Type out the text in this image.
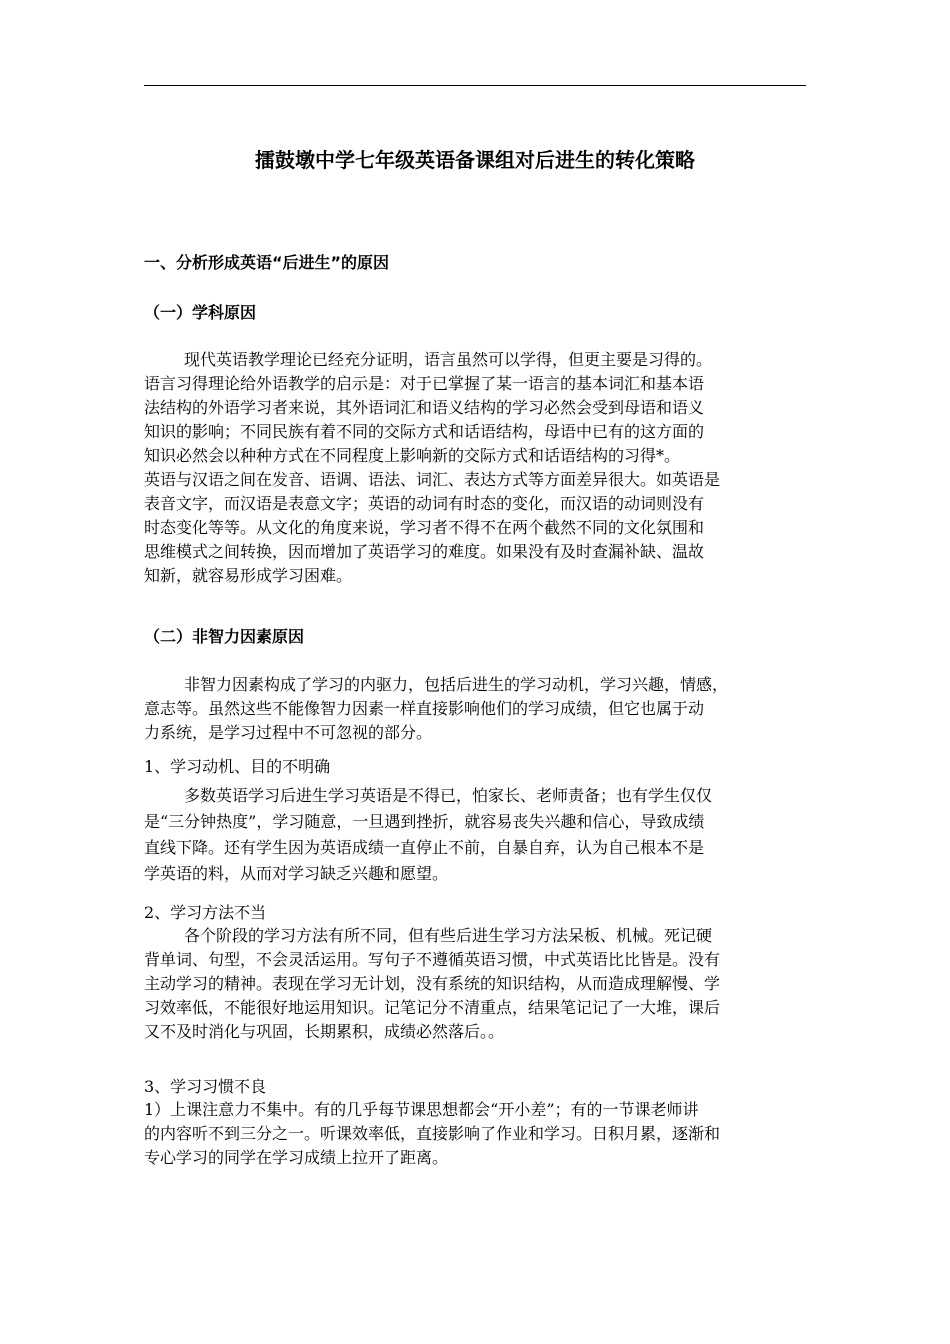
擂鼓墩中学七年级英语备课组对后进生的转化策略
一、分析形成英语“后进生”的原因
（一）学科原因
现代英语教学理论已经充分证明，语言虽然可以学得，但更主要是习得的。
语言习得理论给外语教学的启示是：对于已掌握了某一语言的基本词汇和基本语
法结构的外语学习者来说，其外语词汇和语义结构的学习必然会受到母语和语义
知识的影响；不同民族有着不同的交际方式和话语结构，母语中已有的这方面的
知识必然会以种种方式在不同程度上影响新的交际方式和话语结构的习得*。
英语与汉语之间在发音、语调、语法、词汇、表达方式等方面差异很大。如英语是
表音文字，而汉语是表意文字；英语的动词有时态的变化，而汉语的动词则没有
时态变化等等。从文化的角度来说，学习者不得不在两个截然不同的文化氛围和
思维模式之间转换，因而增加了英语学习的难度。如果没有及时查漏补缺、温故
知新，就容易形成学习困难。
（二）非智力因素原因
非智力因素构成了学习的内驱力，包括后进生的学习动机，学习兴趣，情感，
意志等。虽然这些不能像智力因素一样直接影响他们的学习成绩，但它也属于动
力系统，是学习过程中不可忽视的部分。
1、学习动机、目的不明确
多数英语学习后进生学习英语是不得已，怕家长、老师责备；也有学生仅仅
是“三分钟热度”，学习随意，一旦遇到挫折，就容易丧失兴趣和信心，导致成绩
直线下降。还有学生因为英语成绩一直停止不前，自暴自弃，认为自己根本不是
学英语的料，从而对学习缺乏兴趣和愿望。
2、学习方法不当
各个阶段的学习方法有所不同，但有些后进生学习方法呆板、机械。死记硬
背单词、句型，不会灵活运用。写句子不遵循英语习惯，中式英语比比皆是。没有
主动学习的精神。表现在学习无计划，没有系统的知识结构，从而造成理解慢、学
习效率低，不能很好地运用知识。记笔记分不清重点，结果笔记记了一大堆，课后
又不及时消化与巩固，长期累积，成绩必然落后。。
3、学习习惯不良
1）上课注意力不集中。有的几乎每节课思想都会“开小差”；有的一节课老师讲
的内容听不到三分之一。听课效率低，直接影响了作业和学习。日积月累，逐渐和
专心学习的同学在学习成绩上拉开了距离。
